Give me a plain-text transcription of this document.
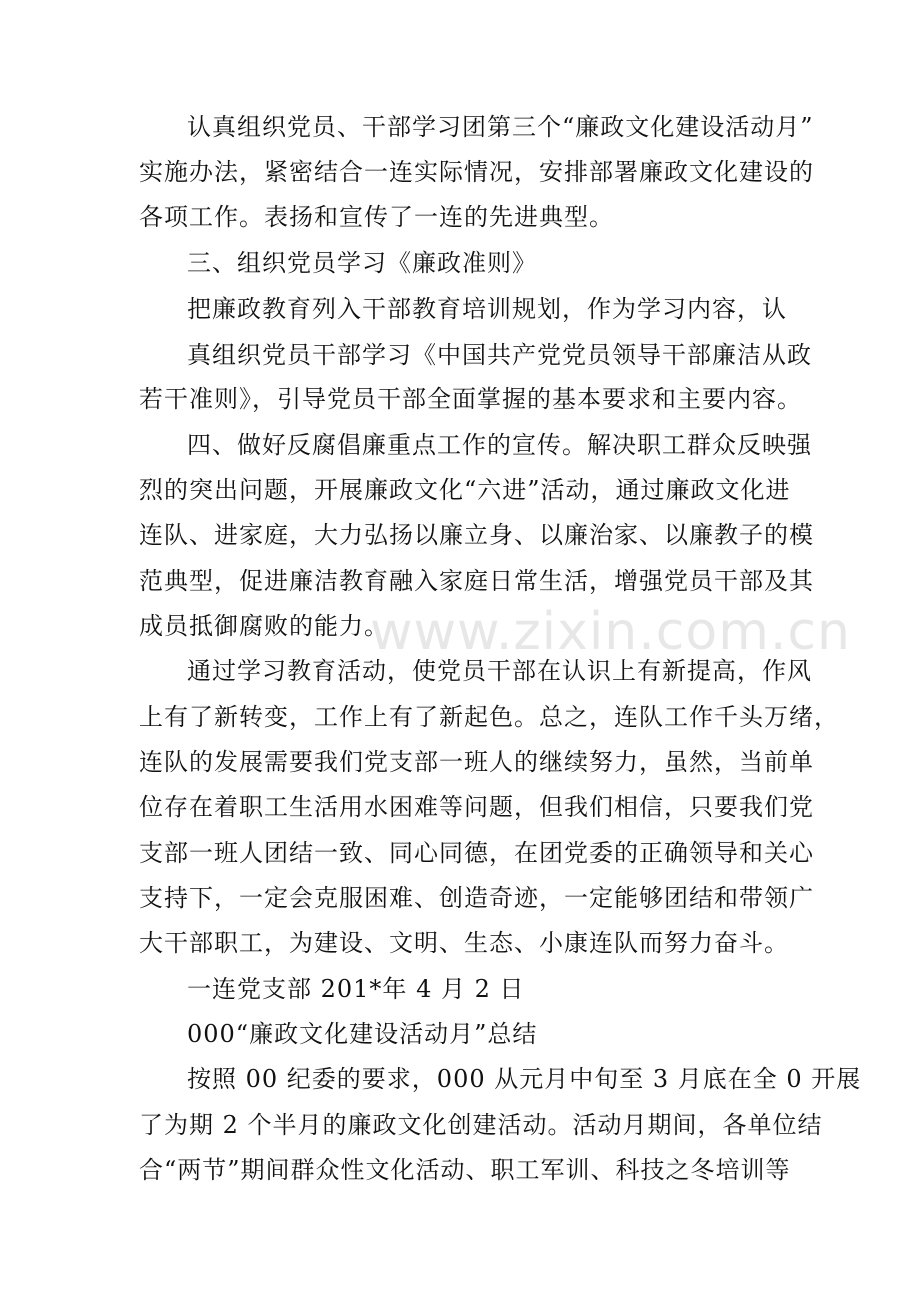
认真组织党员、干部学习团第三个“廉政文化建设活动月”
实施办法，紧密结合一连实际情况，安排部署廉政文化建设的
各项工作。表扬和宣传了一连的先进典型。
三、组织党员学习《廉政准则》
把廉政教育列入干部教育培训规划，作为学习内容，认
真组织党员干部学习《中国共产党党员领导干部廉洁从政
若干准则》，引导党员干部全面掌握的基本要求和主要内容。
四、做好反腐倡廉重点工作的宣传。解决职工群众反映强
烈的突出问题，开展廉政文化“六进”活动，通过廉政文化进
连队、进家庭，大力弘扬以廉立身、以廉治家、以廉教子的模
范典型，促进廉洁教育融入家庭日常生活，增强党员干部及其
成员抵御腐败的能力。
通过学习教育活动，使党员干部在认识上有新提高，作风
上有了新转变，工作上有了新起色。总之，连队工作千头万绪，
连队的发展需要我们党支部一班人的继续努力，虽然，当前单
位存在着职工生活用水困难等问题，但我们相信，只要我们党
支部一班人团结一致、同心同德，在团党委的正确领导和关心
支持下，一定会克服困难、创造奇迹，一定能够团结和带领广
大干部职工，为建设、文明、生态、小康连队而努力奋斗。
一连党支部 201*年 4 月 2 日
000“廉政文化建设活动月”总结
按照 00 纪委的要求，000 从元月中旬至 3 月底在全 0 开展
了为期 2 个半月的廉政文化创建活动。活动月期间，各单位结
合“两节”期间群众性文化活动、职工军训、科技之冬培训等
www.zixin.com.cn
